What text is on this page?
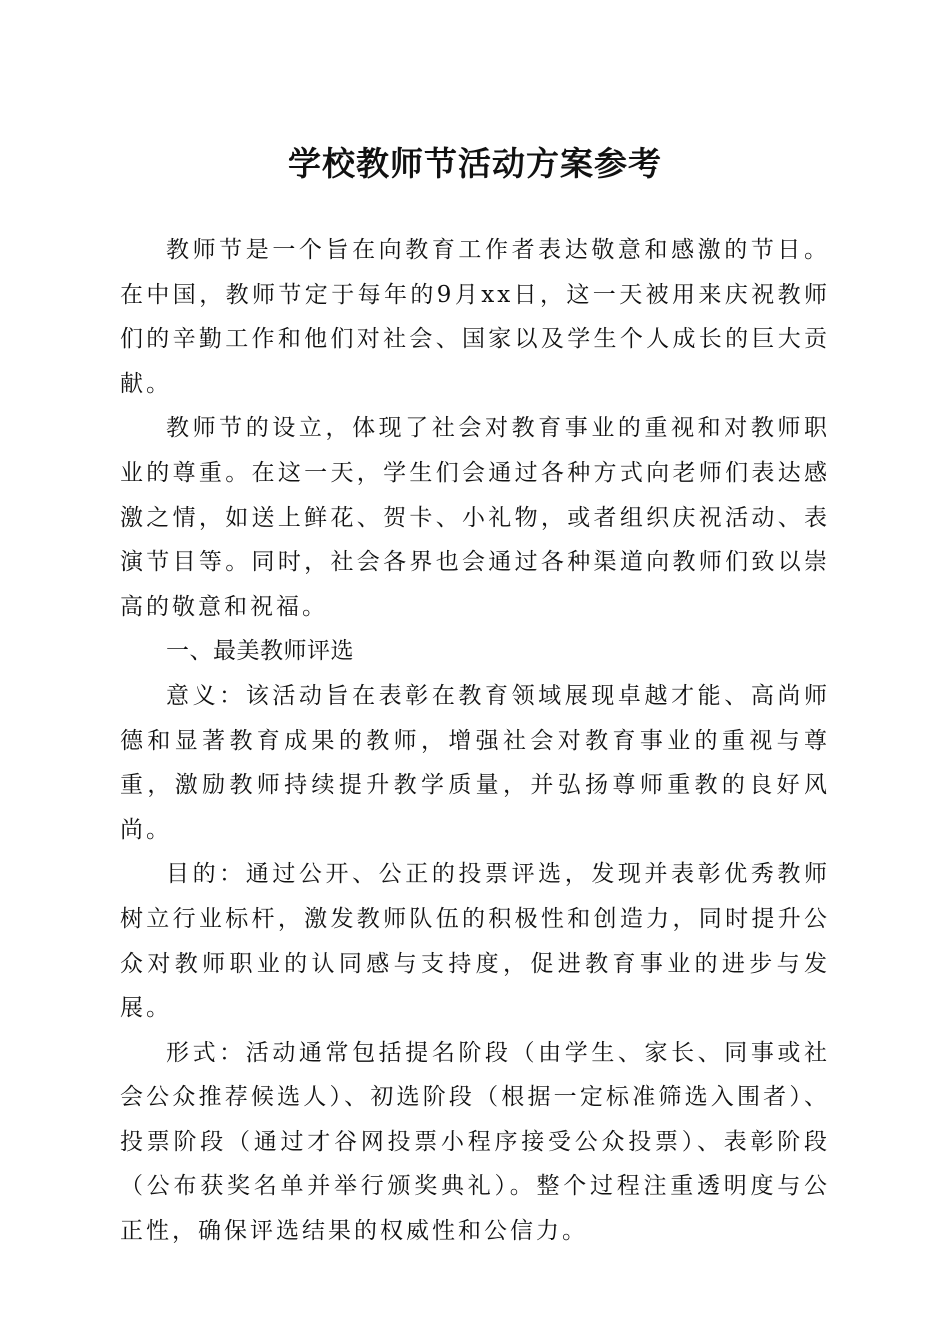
学校教师节活动方案参考

教师节是一个旨在向教育工作者表达敬意和感激的节日。在中国，教师节定于每年的9月xx日，这一天被用来庆祝教师们的辛勤工作和他们对社会、国家以及学生个人成长的巨大贡献。

教师节的设立，体现了社会对教育事业的重视和对教师职业的尊重。在这一天，学生们会通过各种方式向老师们表达感激之情，如送上鲜花、贺卡、小礼物，或者组织庆祝活动、表演节目等。同时，社会各界也会通过各种渠道向教师们致以崇高的敬意和祝福。

一、最美教师评选

意义：该活动旨在表彰在教育领域展现卓越才能、高尚师德和显著教育成果的教师，增强社会对教育事业的重视与尊重，激励教师持续提升教学质量，并弘扬尊师重教的良好风尚。

目的：通过公开、公正的投票评选，发现并表彰优秀教师树立行业标杆，激发教师队伍的积极性和创造力，同时提升公众对教师职业的认同感与支持度，促进教育事业的进步与发展。

形式：活动通常包括提名阶段（由学生、家长、同事或社会公众推荐候选人）、初选阶段（根据一定标准筛选入围者）、投票阶段（通过才谷网投票小程序接受公众投票）、表彰阶段（公布获奖名单并举行颁奖典礼）。整个过程注重透明度与公正性，确保评选结果的权威性和公信力。
